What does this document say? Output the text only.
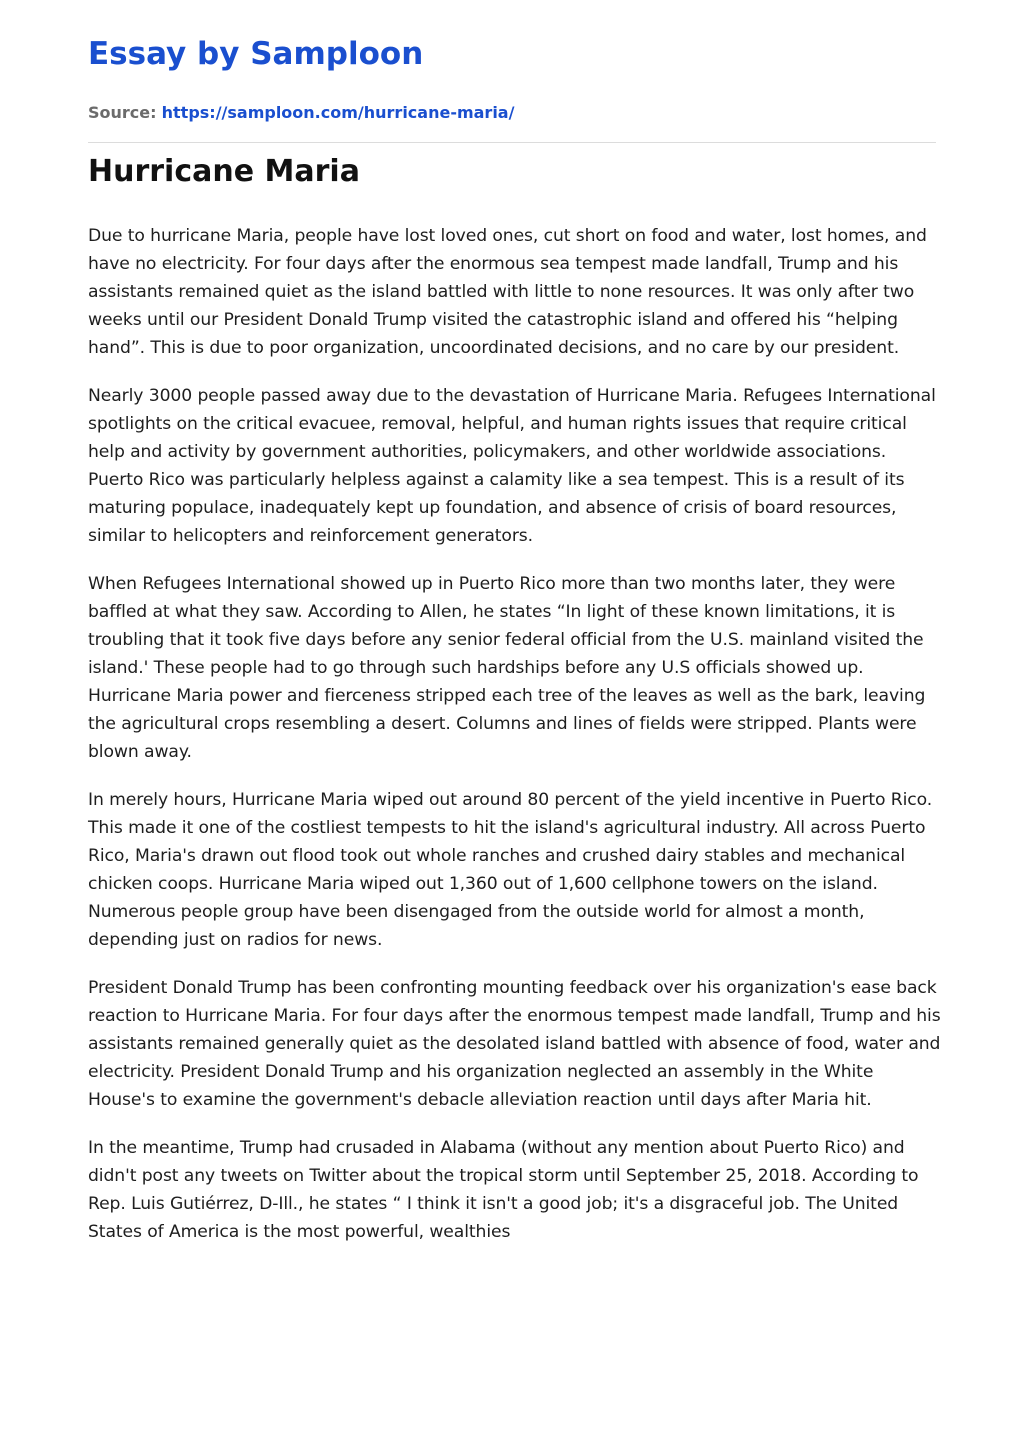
Essay by Samploon
Source: https://samploon.com/hurricane-maria/
Hurricane Maria

Due to hurricane Maria, people have lost loved ones, cut short on food and water, lost homes, and have no electricity. For four days after the enormous sea tempest made landfall, Trump and his assistants remained quiet as the island battled with little to none resources. It was only after two weeks until our President Donald Trump visited the catastrophic island and offered his “helping hand”. This is due to poor organization, uncoordinated decisions, and no care by our president.

Nearly 3000 people passed away due to the devastation of Hurricane Maria. Refugees International spotlights on the critical evacuee, removal, helpful, and human rights issues that require critical help and activity by government authorities, policymakers, and other worldwide associations. Puerto Rico was particularly helpless against a calamity like a sea tempest. This is a result of its maturing populace, inadequately kept up foundation, and absence of crisis of board resources, similar to helicopters and reinforcement generators.

When Refugees International showed up in Puerto Rico more than two months later, they were baffled at what they saw. According to Allen, he states “In light of these known limitations, it is troubling that it took five days before any senior federal official from the U.S. mainland visited the island.' These people had to go through such hardships before any U.S officials showed up. Hurricane Maria power and fierceness stripped each tree of the leaves as well as the bark, leaving the agricultural crops resembling a desert. Columns and lines of fields were stripped. Plants were blown away.

In merely hours, Hurricane Maria wiped out around 80 percent of the yield incentive in Puerto Rico. This made it one of the costliest tempests to hit the island's agricultural industry. All across Puerto Rico, Maria's drawn out flood took out whole ranches and crushed dairy stables and mechanical chicken coops. Hurricane Maria wiped out 1,360 out of 1,600 cellphone towers on the island. Numerous people group have been disengaged from the outside world for almost a month, depending just on radios for news.

President Donald Trump has been confronting mounting feedback over his organization's ease back reaction to Hurricane Maria. For four days after the enormous tempest made landfall, Trump and his assistants remained generally quiet as the desolated island battled with absence of food, water and electricity. President Donald Trump and his organization neglected an assembly in the White House's to examine the government's debacle alleviation reaction until days after Maria hit.

In the meantime, Trump had crusaded in Alabama (without any mention about Puerto Rico) and didn't post any tweets on Twitter about the tropical storm until September 25, 2018. According to Rep. Luis Gutiérrez, D-Ill., he states “ I think it isn't a good job; it's a disgraceful job. The United States of America is the most powerful, wealthies
